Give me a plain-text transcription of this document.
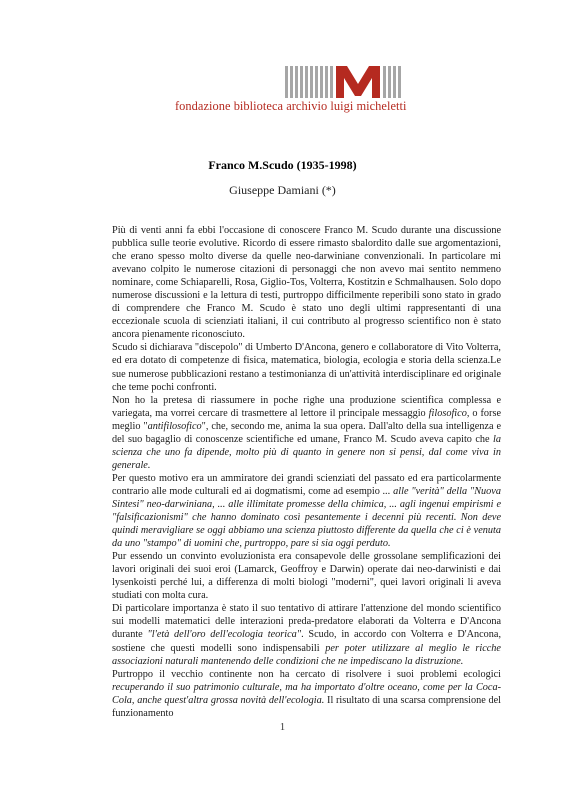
fondazione biblioteca archivio luigi micheletti
Franco M.Scudo (1935-1998)
Giuseppe Damiani (*)

Più di venti anni fa ebbi l'occasione di conoscere Franco M. Scudo durante una discussione pubblica sulle teorie evolutive. Ricordo di essere rimasto sbalordito dalle sue argomentazioni, che erano spesso molto diverse da quelle neo-darwiniane convenzionali. In particolare mi avevano colpito le numerose citazioni di personaggi che non avevo mai sentito nemmeno nominare, come Schiaparelli, Rosa, Giglio-Tos, Volterra, Kostitzin e Schmalhausen. Solo dopo numerose discussioni e la lettura di testi, purtroppo difficilmente reperibili sono stato in grado di comprendere che Franco M. Scudo è stato uno degli ultimi rappresentanti di una eccezionale scuola di scienziati italiani, il cui contributo al progresso scientifico non è stato ancora pienamente riconosciuto.

Scudo si dichiarava "discepolo" di Umberto D'Ancona, genero e collaboratore di Vito Volterra, ed era dotato di competenze di fisica, matematica, biologia, ecologia e storia della scienza.Le sue numerose pubblicazioni restano a testimonianza di un'attività interdisciplinare ed originale che teme pochi confronti.

Non ho la pretesa di riassumere in poche righe una produzione scientifica complessa e variegata, ma vorrei cercare di trasmettere al lettore il principale messaggio filosofico, o forse meglio "antifilosofico", che, secondo me, anima la sua opera. Dall'alto della sua intelligenza e del suo bagaglio di conoscenze scientifiche ed umane, Franco M. Scudo aveva capito che la scienza che uno fa dipende, molto più di quanto in genere non si pensi, dal come viva in generale.

Per questo motivo era un ammiratore dei grandi scienziati del passato ed era particolarmente contrario alle mode culturali ed ai dogmatismi, come ad esempio ... alle "verità" della "Nuova Sintesi" neo-darwiniana, ... alle illimitate promesse della chimica, ... agli ingenui empirismi e "falsificazionismi" che hanno dominato così pesantemente i decenni più recenti. Non deve quindi meravigliare se oggi abbiamo una scienza piuttosto differente da quella che ci è venuta da uno "stampo" di uomini che, purtroppo, pare si sia oggi perduto.

Pur essendo un convinto evoluzionista era consapevole delle grossolane semplificazioni dei lavori originali dei suoi eroi (Lamarck, Geoffroy e Darwin) operate dai neo-darwinisti e dai lysenkoisti perché lui, a differenza di molti biologi "moderni", quei lavori originali li aveva studiati con molta cura.

Di particolare importanza è stato il suo tentativo di attirare l'attenzione del mondo scientifico sui modelli matematici delle interazioni preda-predatore elaborati da Volterra e D'Ancona durante "l'età dell'oro dell'ecologia teorica". Scudo, in accordo con Volterra e D'Ancona, sostiene che questi modelli sono indispensabili per poter utilizzare al meglio le ricche associazioni naturali mantenendo delle condizioni che ne impediscano la distruzione.

Purtroppo il vecchio continente non ha cercato di risolvere i suoi problemi ecologici recuperando il suo patrimonio culturale, ma ha importato d'oltre oceano, come per la Coca-Cola, anche quest'altra grossa novità dell'ecologia. Il risultato di una scarsa comprensione del funzionamento

1
